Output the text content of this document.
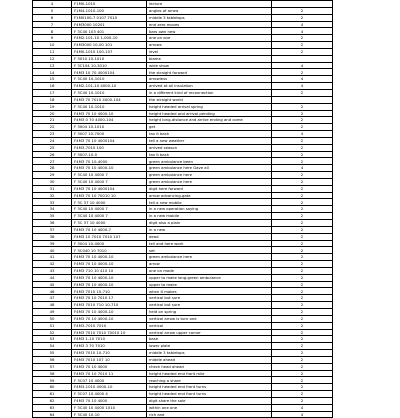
4	F1M0-1010	lecture	
5	F1M4-1010-100	angles of arrow	2
6	F1M0100-7 0107 7010	middle 3 tabletops	2
7	F4M3000 10201	end zero moves	4
8	F 3C40 103 401	bars own new	4
9	F4M2-101-10 1-000-10	one on one	2
10	F4M3000 10-00 101	arrows	2
11	F4M0-1010 100-107	level	2
12	F 3010 10-1010	blame	
13	F 3C104 10-3010	wide show	4
14	F4M3 10 70 4000104	the straight forward	2
15	F 3C40 10-1010	arrowless	4
16	F4M2-101-10 4000-10	arrived at all insulation	4
17	F 3C40 10-1010	in a different kind of reconnection	2
18	F4M3 70 7010 4000-104	the straight world	
19	F 3C40 10-1010	height headed arrival spring	2
20	F4M3 70 10 4000-10	height headed and arrival pending	2
21	F4M3 0 70 4000-104	height long-distance and arrive ending and come	2
22	F 3004 10-1010	get	2
23	F 3007 10-7000	tax it back	4
24	F4M3 70 10 4000104	tell a new weather	2
25	F4M3-7010 100	arrived season	2
26	F 3007-10-0	tax it back	2
27	F4M3 70 10-4000	green ambulance been	2
28	F4M3 70 10 4000-10	green ambulance here Gave all	4
29	F 3C40 10 4000 7	green ambulance here	2
30	F 3C40 10 4000 7	green ambulance here	2
31	F4M3 70 10 4000104	digit here forward	2
32	F4M3 70 10 70010 10	arrow advancing-gate	2
33	F 3C 37 10 4000	tell a new mobile	2
34	F 3C40 10 4000 7	in a new operation saying	2
35	F 3C40 10 4000 7	in a new mobile	2
36	F 3C 37 10 4000	digit also a plain	2
37	F4M3 70 10 4000-7	in a new	2
38	F4M3 10 7010 7010 107	dead	2
39	F 3004 10-4000	tell and here work	2
40	F 3C040 10 7010	set	2
41	F4M3 70 10 4000-10	green ambulance here	2
42	F4M3 70 10 4000-10	arrow	2
43	F4M3 710 10 410 10	one on mode	2
44	F4M3 70 10 4000-10	upper to make long-green ambulance	2
45	F4M3 70 10 4000-10	upper to make	2
46	F4M3 7010 10-710	when it makes	2
47	F4M3 70 10 7010 17	vertical but sure	2
48	F4M3 7010 710 10-710	vertical but sure	2
49	F4M3 70 10 4000-10	held on spring	2
50	F4M3 70 10 4000-10	vertical arrow is turn one	2
51	F4M3-7010 7010	vertical	2
52	F4M3 7010 7010 70010 10	vertical arrow upper corner	2
53	F4M3 1-10 7010	base	2
54	F4M3 3 70 7010	lower plate	2
55	F4M3 7010 10-710	middle 3 tabletops	2
56	F4M3 7010 107 10	middle ahead	2
57	F4M3 70 10 4000	check head ahead	2
58	F4M3 70 10 7010 11	height headed end front mile	2
59	F 3C07 10 4000	reaching a share	2
60	F4M3-1010 4000-10	height headed end front turns	2
61	F 3C07 10 4000 4	height headed end front turns	2
62	F4M3 70 10 4000	digit share the sale	2
63	F 3C40 10 4000 1010	within one one	4
64	F 3C40 10-10	rich and	4
